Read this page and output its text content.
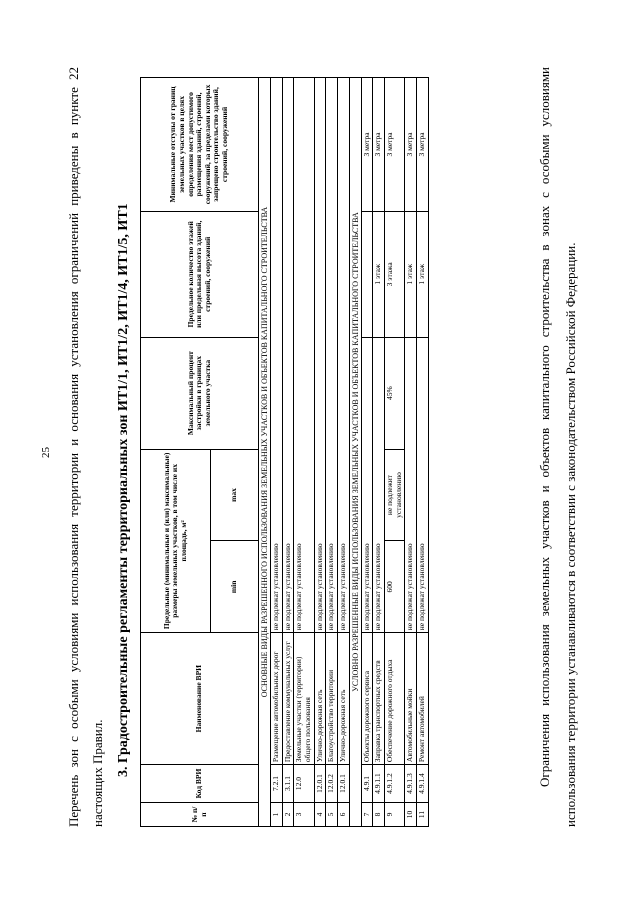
25	Перечень зон с особыми условиями использования территории и основания установления ограничений приведены в пункте 22 настоящих Правил. 3. Градостроительные регламенты территориальных зон ИТ1/1, ИТ1/2, ИТ1/4, ИТ1/5, ИТ1
№ п/п	Код ВРИ	Наименование ВРИ	Предельные (минимальные и (или) максимальные) размеры земельных участков, в том числе их площадь, м²		Максимальный процент застройки в границах земельного участка	Предельное количество этажей или предельная высота зданий, строений, сооружений	Минимальные отступы от границ земельных участков в целях определения мест допустимого размещения зданий, строений, сооружений, за пределами которых запрещено строительство зданий, строений, сооружений
			min	max			
ОСНОВНЫЕ ВИДЫ РАЗРЕШЕННОГО ИСПОЛЬЗОВАНИЯ ЗЕМЕЛЬНЫХ УЧАСТКОВ И ОБЪЕКТОВ КАПИТАЛЬНОГО СТРОИТЕЛЬСТВА							
1	7.2.1	Размещение автомобильных дорог	не подлежат установлению				
2	3.1.1	Предоставление коммунальных услуг	не подлежат установлению				
3	12.0	Земельные участки (территории) общего пользования	не подлежат установлению				
4	12.0.1	Улично-дорожная сеть	не подлежат установлению				
5	12.0.2	Благоустройство территории	не подлежат установлению				
6	12.0.1	Улично-дорожная сеть	не подлежат установлению				
УСЛОВНО РАЗРЕШЕННЫЕ ВИДЫ ИСПОЛЬЗОВАНИЯ ЗЕМЕЛЬНЫХ УЧАСТКОВ И ОБЪЕКТОВ КАПИТАЛЬНОГО СТРОИТЕЛЬСТВА							
7	4.9.1	Объекты дорожного сервиса	не подлежат установлению				3 метра
8	4.9.1.1	Заправка транспортных средств	не подлежат установлению			1 этаж	3 метра
9	4.9.1.2	Обеспечение дорожного отдыха	600	не подлежит установлению	45%	3 этажа	3 метра
10	4.9.1.3	Автомобильные мойки	не подлежат установлению			1 этаж	3 метра
11	4.9.1.4	Ремонт автомобилей	не подлежат установлению			1 этаж	3 метра	Ограничения использования земельных участков и объектов капитального строительства в зонах с особыми условиями использования территории устанавливаются в соответствии с законодательством Российской Федерации.
